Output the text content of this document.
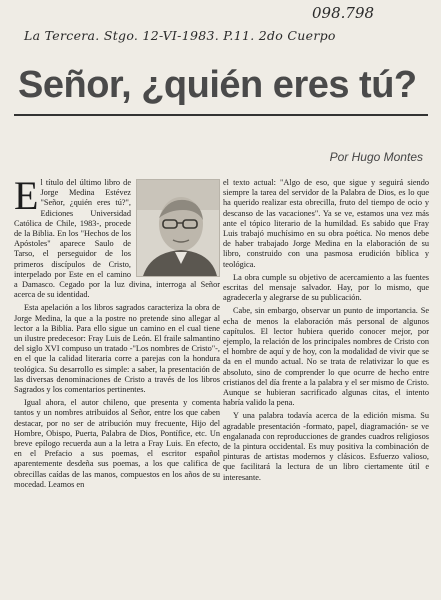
098.798
La Tercera. Stgo. 12-VI-1983. P.11. 2do Cuerpo
Señor, ¿quién eres tú?
Por Hugo Montes

El título del último libro de Jorge Medina Estévez "Señor, ¿quién eres tú?", Ediciones Universidad Católica de Chile, 1983-, procede de la Biblia. En los "Hechos de los Apóstoles" aparece Saulo de Tarso, el perseguidor de los primeros discípulos de Cristo, interpelado por Este en el camino a Damasco. Cegado por la luz divina, interroga al Señor acerca de su identidad.

Esta apelación a los libros sagrados caracteriza la obra de Jorge Medina, la que a la postre no pretende sino allegar al lector a la Biblia. Para ello sigue un camino en el cual tiene un ilustre predecesor: Fray Luis de León. El fraile salmantino del siglo XVI compuso un tratado -"Los nombres de Cristo"-, en el que la calidad literaria corre a parejas con la hondura teológica. Su desarrollo es simple: a saber, la presentación de las diversas denominaciones de Cristo a través de los libros Sagrados y los comentarios pertinentes.

Igual ahora, el autor chileno, que presenta y comenta tantos y un nombres atribuidos al Señor, entre los que caben destacar, por no ser de atribución muy frecuente, Hijo del Hombre, Obispo, Puerta, Palabra de Dios, Pontífice, etc. Un breve epílogo recuerda aun a la letra a Fray Luis. En efecto, en el Prefacio a sus poemas, el escritor español aparentemente desdeña sus poemas, a los que califica de obrecillas caídas de las manos, compuestos en los años de su mocedad. Leamos en

el texto actual: "Algo de eso, que sigue y seguirá siendo siempre la tarea del servidor de la Palabra de Dios, es lo que ha querido realizar esta obrecilla, fruto del tiempo de ocio y descanso de las vacaciones". Ya se ve, estamos una vez más ante el tópico literario de la humildad. Es sabido que Fray Luis trabajó muchísimo en su obra poética. No menos debe de haber trabajado Jorge Medina en la elaboración de su libro, construido con una pasmosa erudición bíblica y teológica.

La obra cumple su objetivo de acercamiento a las fuentes escritas del mensaje salvador. Hay, por lo mismo, que agradecerla y alegrarse de su publicación.

Cabe, sin embargo, observar un punto de importancia. Se echa de menos la elaboración más personal de algunos capítulos. El lector hubiera querido conocer mejor, por ejemplo, la relación de los principales nombres de Cristo con el hombre de aquí y de hoy, con la modalidad de vivir que se da en el mundo actual. No se trata de relativizar lo que es absoluto, sino de comprender lo que ocurre de hecho entre cristianos del día frente a la palabra y el ser mismo de Cristo. Aunque se hubieran sacrificado algunas citas, el intento habría valido la pena.

Y una palabra todavía acerca de la edición misma. Su agradable presentación -formato, papel, diagramación- se ve engalanada con reproducciones de grandes cuadros religiosos de la pintura occidental. Es muy positiva la combinación de pinturas de artistas modernos y clásicos. Esfuerzo valioso, que facilitará la lectura de un libro ciertamente útil e interesante.
